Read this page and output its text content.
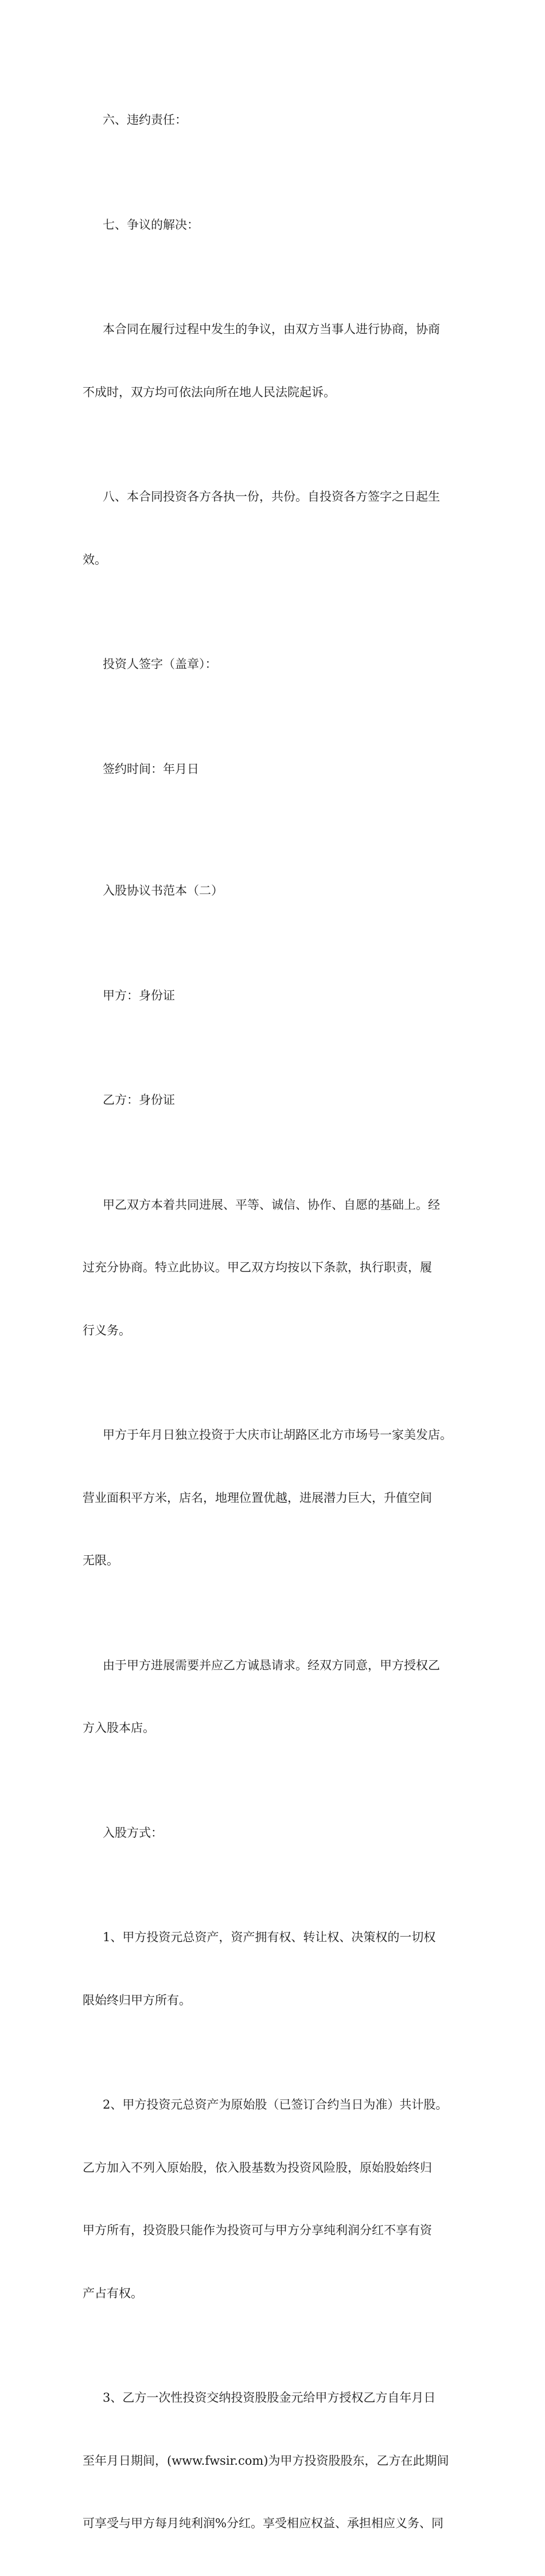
六、违约责任：

七、争议的解决：

本合同在履行过程中发生的争议，由双方当事人进行协商，协商

不成时，双方均可依法向所在地人民法院起诉。

八、本合同投资各方各执一份，共份。自投资各方签字之日起生

效。

投资人签字（盖章）：

签约时间：年月日

入股协议书范本（二）

甲方：身份证

乙方：身份证

甲乙双方本着共同进展、平等、诚信、协作、自愿的基础上。经

过充分协商。特立此协议。甲乙双方均按以下条款，执行职责，履

行义务。

甲方于年月日独立投资于大庆市让胡路区北方市场号一家美发店。

营业面积平方米，店名，地理位置优越，进展潜力巨大，升值空间

无限。

由于甲方进展需要并应乙方诚恳请求。经双方同意，甲方授权乙

方入股本店。

入股方式：

1、甲方投资元总资产，资产拥有权、转让权、决策权的一切权

限始终归甲方所有。

2、甲方投资元总资产为原始股（已签订合约当日为准）共计股。

乙方加入不列入原始股，依入股基数为投资风险股，原始股始终归

甲方所有，投资股只能作为投资可与甲方分享纯利润分红不享有资

产占有权。

3、乙方一次性投资交纳投资股股金元给甲方授权乙方自年月日

至年月日期间，(www.fwsir.com)为甲方投资股股东，乙方在此期间

可享受与甲方每月纯利润%分红。享受相应权益、承担相应义务、同
